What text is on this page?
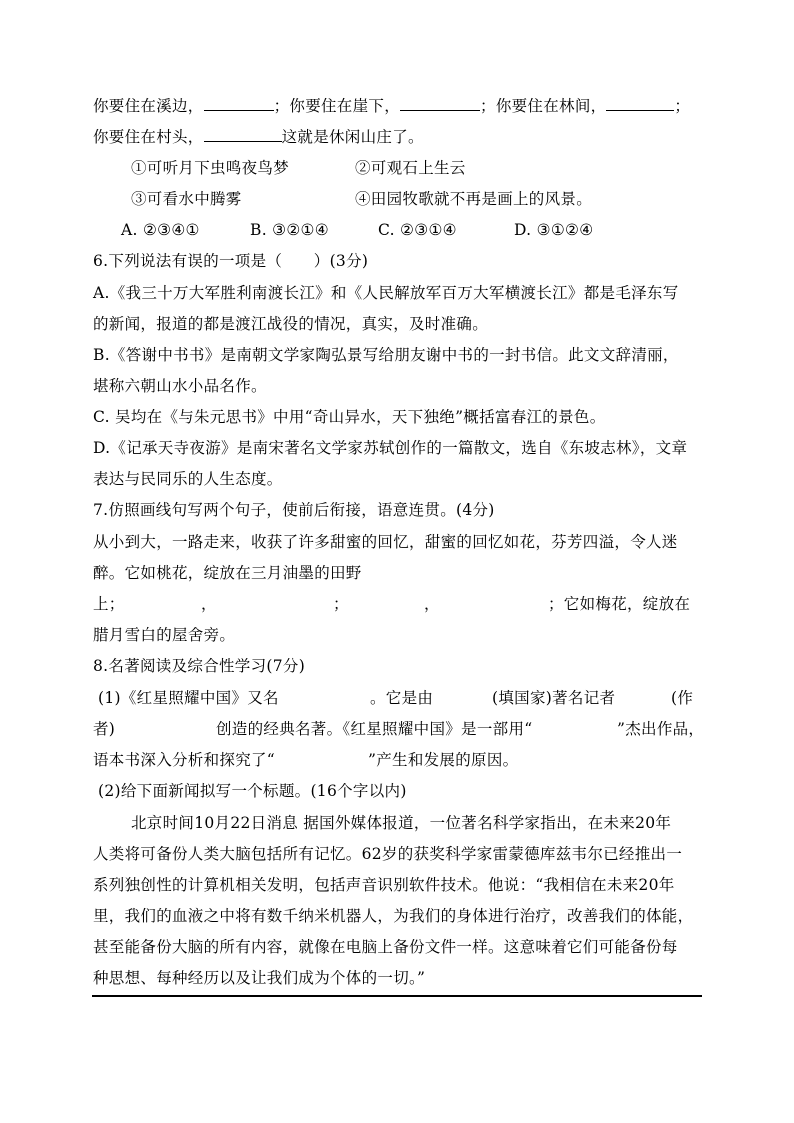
你要住在溪边，	；你要住在崖下，	；你要住在林间，	；
你要住在村头，	这就是休闲山庄了。
①可听月下虫鸣夜鸟梦	②可观石上生云
③可看水中腾雾	④田园牧歌就不再是画上的风景。
A. ②③④①	B. ③②①④	C. ②③①④	D. ③①②④
6.下列说法有误的一项是（　　）(3分)
A.《我三十万大军胜利南渡长江》和《人民解放军百万大军横渡长江》都是毛泽东写
的新闻，报道的都是渡江战役的情况，真实，及时准确。
B.《答谢中书书》是南朝文学家陶弘景写给朋友谢中书的一封书信。此文文辞清丽，
堪称六朝山水小品名作。
C. 吴均在《与朱元思书》中用“奇山异水，天下独绝”概括富春江的景色。
D.《记承天寺夜游》是南宋著名文学家苏轼创作的一篇散文，选自《东坡志林》，文章
表达与民同乐的人生态度。
7.仿照画线句写两个句子，使前后衔接，语意连贯。(4分)
从小到大，一路走来，收获了许多甜蜜的回忆，甜蜜的回忆如花，芬芳四溢，令人迷
醉。它如桃花，绽放在三月油墨的田野
上；	，	；	，	；它如梅花，绽放在
腊月雪白的屋舍旁。
8.名著阅读及综合性学习(7分)
(1)《红星照耀中国》又名	。它是由	(填国家)著名记者	(作
者)	创造的经典名著。《红星照耀中国》是一部用“	”杰出作品，
语本书深入分析和探究了“	”产生和发展的原因。
(2)给下面新闻拟写一个标题。(16个字以内)
北京时间10月22日消息 据国外媒体报道，一位著名科学家指出，在未来20年
人类将可备份人类大脑包括所有记忆。62岁的获奖科学家雷蒙德库兹韦尔已经推出一
系列独创性的计算机相关发明，包括声音识别软件技术。他说：“我相信在未来20年
里，我们的血液之中将有数千纳米机器人，为我们的身体进行治疗，改善我们的体能，
甚至能备份大脑的所有内容，就像在电脑上备份文件一样。这意味着它们可能备份每
种思想、每种经历以及让我们成为个体的一切。”
